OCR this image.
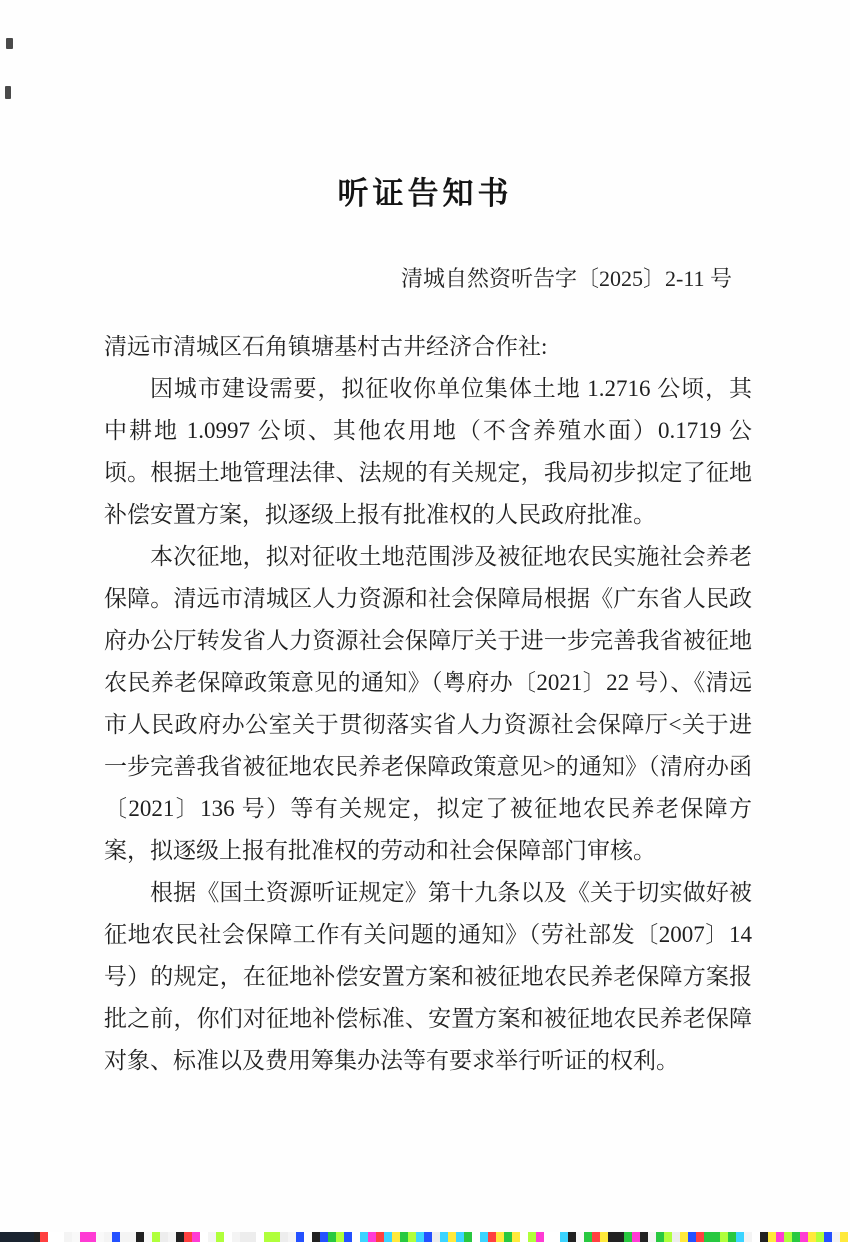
听证告知书
清城自然资听告字〔2025〕2-11 号

清远市清城区石角镇塘基村古井经济合作社:

因城市建设需要，拟征收你单位集体土地 1.2716 公顷，其中耕地 1.0997 公顷、其他农用地（不含养殖水面）0.1719 公顷。根据土地管理法律、法规的有关规定，我局初步拟定了征地补偿安置方案，拟逐级上报有批准权的人民政府批准。

本次征地，拟对征收土地范围涉及被征地农民实施社会养老保障。清远市清城区人力资源和社会保障局根据《广东省人民政府办公厅转发省人力资源社会保障厅关于进一步完善我省被征地农民养老保障政策意见的通知》（粤府办〔2021〕22 号）、《清远市人民政府办公室关于贯彻落实省人力资源社会保障厅<关于进一步完善我省被征地农民养老保障政策意见>的通知》（清府办函〔2021〕136 号）等有关规定，拟定了被征地农民养老保障方案，拟逐级上报有批准权的劳动和社会保障部门审核。

根据《国土资源听证规定》第十九条以及《关于切实做好被征地农民社会保障工作有关问题的通知》（劳社部发〔2007〕14 号）的规定，在征地补偿安置方案和被征地农民养老保障方案报批之前，你们对征地补偿标准、安置方案和被征地农民养老保障对象、标准以及费用筹集办法等有要求举行听证的权利。
